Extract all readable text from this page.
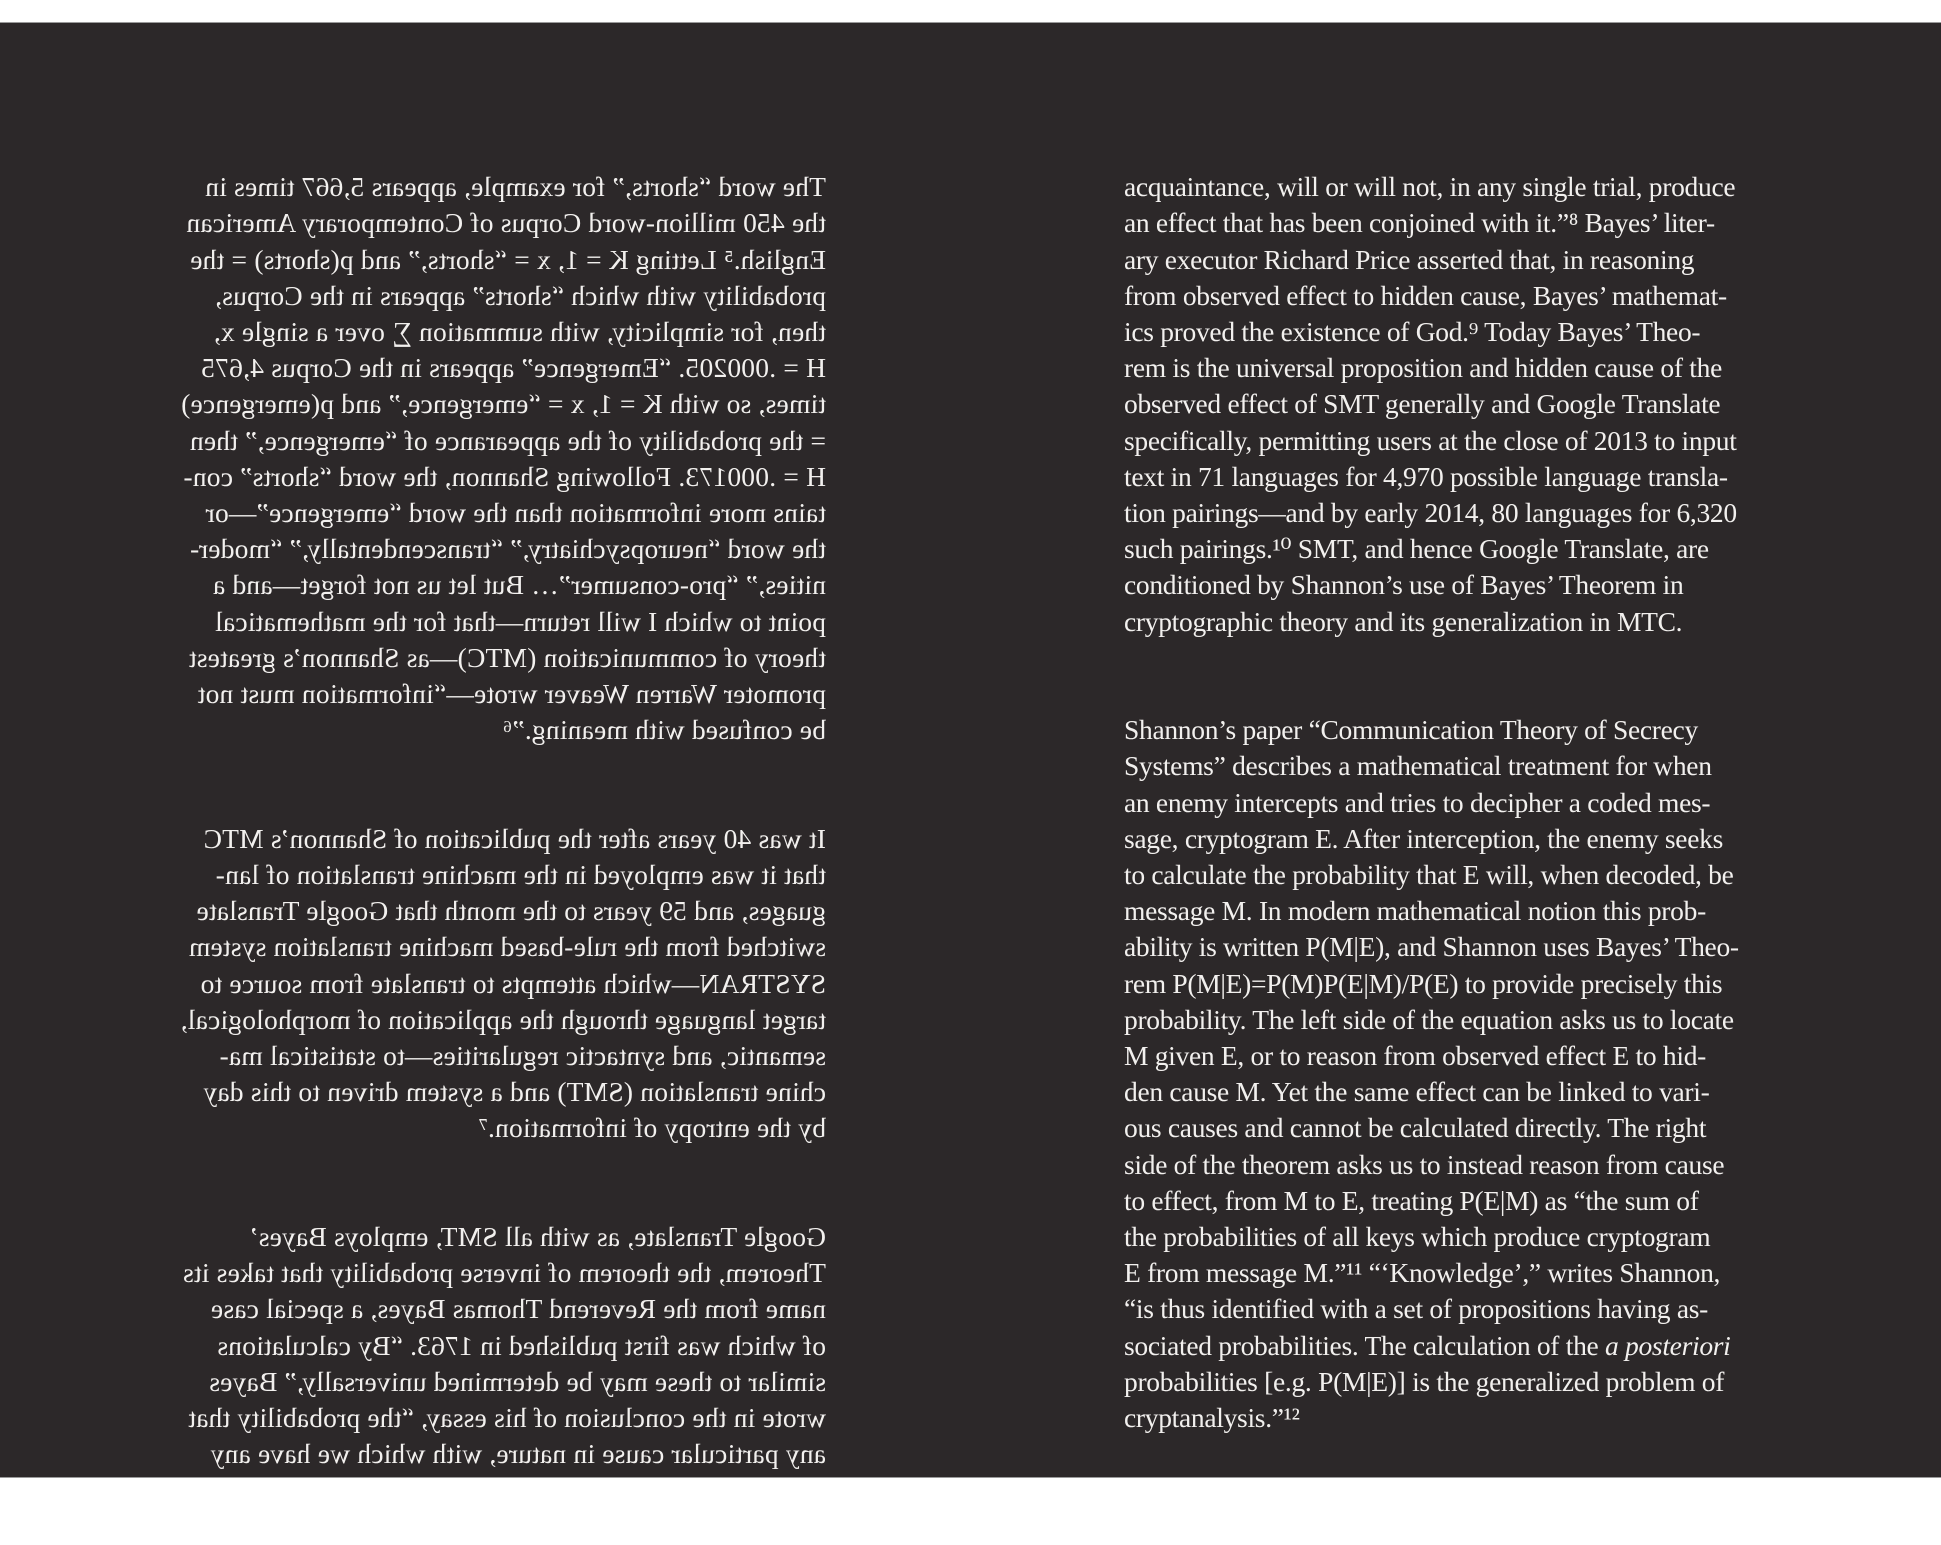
The word “shorts,” for example, appears 5,667 times in
the 450 million-word Corpus of Contemporary American
English.⁵ Letting K = 1, x = “shorts,” and p(shorts) = the
probability with which “shorts” appears in the Corpus,
then, for simplicity, with summation ∑ over a single x,
H = .000205. “Emergence” appears in the Corpus 4,675
times, so with K = 1, x = “emergence,” and p(emergence)
= the probability of the appearance of “emergence,” then
H = .000173. Following Shannon, the word “shorts” con-
tains more information than the word “emergence”—or
the word “neuropsychiatry,” “transcendentally,” “moder-
nities,” “pro-consumer”… But let us not forget—and a
point to which I will return—that for the mathematical
theory of communication (MTC)—as Shannon’s greatest
promoter Warren Weaver wrote—“information must not
be confused with meaning.”⁶

It was 40 years after the publication of Shannon’s MTC
that it was employed in the machine translation of lan-
guages, and 59 years to the month that Google Translate
switched from the rule-based machine translation system
SYSTRAN—which attempts to translate from source to
target language through the application of morphological,
semantic, and syntactic regularities—to statistical ma-
chine translation (SMT) and a system driven to this day
by the entropy of information.⁷

Google Translate, as with all SMT, employs Bayes’
Theorem, the theorem of inverse probability that takes its
name from the Reverend Thomas Bayes, a special case
of which was first published in 1763. “By calculations
similar to these may be determined universally,” Bayes
wrote in the conclusion of his essay, “the probability that
any particular cause in nature, with which we have any

acquaintance, will or will not, in any single trial, produce
an effect that has been conjoined with it.”⁸ Bayes’ liter-
ary executor Richard Price asserted that, in reasoning
from observed effect to hidden cause, Bayes’ mathemat-
ics proved the existence of God.⁹ Today Bayes’ Theo-
rem is the universal proposition and hidden cause of the
observed effect of SMT generally and Google Translate
specifically, permitting users at the close of 2013 to input
text in 71 languages for 4,970 possible language transla-
tion pairings—and by early 2014, 80 languages for 6,320
such pairings.¹⁰ SMT, and hence Google Translate, are
conditioned by Shannon’s use of Bayes’ Theorem in
cryptographic theory and its generalization in MTC.

Shannon’s paper “Communication Theory of Secrecy
Systems” describes a mathematical treatment for when
an enemy intercepts and tries to decipher a coded mes-
sage, cryptogram E. After interception, the enemy seeks
to calculate the probability that E will, when decoded, be
message M. In modern mathematical notion this prob-
ability is written P(M|E), and Shannon uses Bayes’ Theo-
rem P(M|E)=P(M)P(E|M)/P(E) to provide precisely this
probability. The left side of the equation asks us to locate
M given E, or to reason from observed effect E to hid-
den cause M. Yet the same effect can be linked to vari-
ous causes and cannot be calculated directly. The right
side of the theorem asks us to instead reason from cause
to effect, from M to E, treating P(E|M) as “the sum of
the probabilities of all keys which produce cryptogram
E from message M.”¹¹ “‘Knowledge’,” writes Shannon,
“is thus identified with a set of propositions having as-
sociated probabilities. The calculation of the a posteriori
probabilities [e.g. P(M|E)] is the generalized problem of
cryptanalysis.”¹²
